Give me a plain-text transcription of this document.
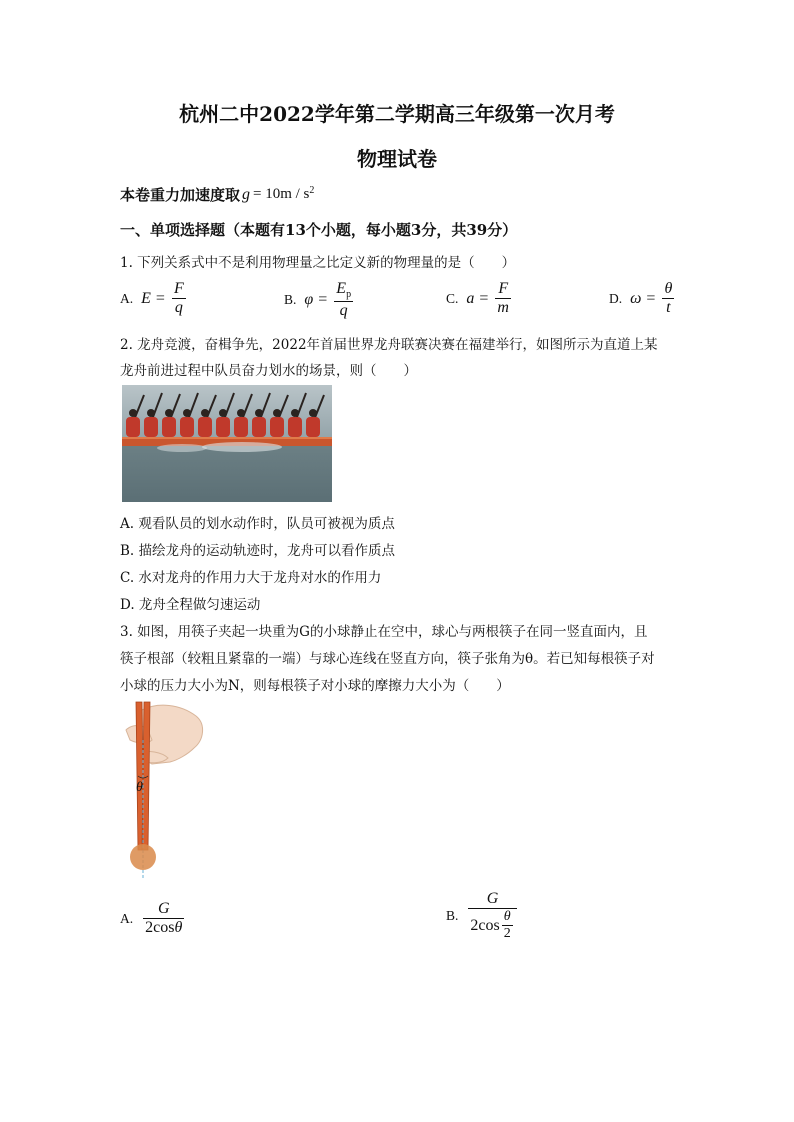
杭州二中2022学年第二学期高三年级第一次月考
物理试卷
本卷重力加速度取 $g = 10m / s^2$
一、单项选择题（本题有13个小题，每小题3分，共39分）
1. 下列关系式中不是利用物理量之比定义新的物理量的是（　　）
A. $E = \frac{F}{q}$	B. $\varphi = \frac{E_p}{q}$	C. $a = \frac{F}{m}$	D. $\omega = \frac{\theta}{t}$
2. 龙舟竞渡，奋楫争先，2022年首届世界龙舟联赛决赛在福建举行，如图所示为直道上某
龙舟前进过程中队员奋力划水的场景，则（　　）
A. 观看队员的划水动作时，队员可被视为质点
B. 描绘龙舟的运动轨迹时，龙舟可以看作质点
C. 水对龙舟的作用力大于龙舟对水的作用力
D. 龙舟全程做匀速运动
3. 如图，用筷子夹起一块重为G的小球静止在空中，球心与两根筷子在同一竖直面内，且
筷子根部（较粗且紧靠的一端）与球心连线在竖直方向，筷子张角为θ。若已知每根筷子对
小球的压力大小为N，则每根筷子对小球的摩擦力大小为（　　）
θ
A. $\frac{G}{2\cos\theta}$	B. $\frac{G}{2\cos \frac{\theta}{2}}$
